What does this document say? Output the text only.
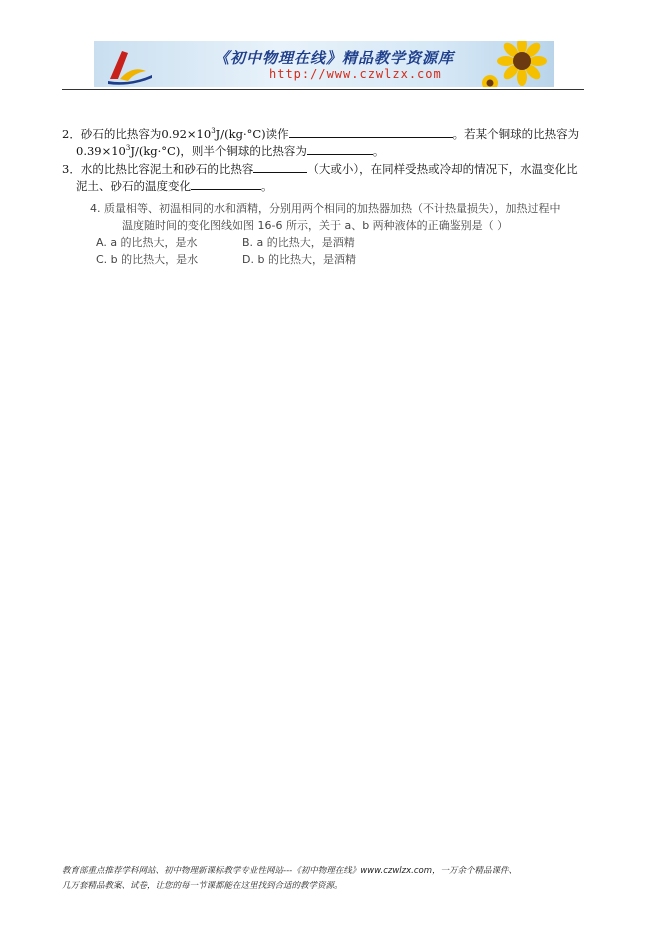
《初中物理在线》精品教学资源库
http://www.czwlzx.com
2．砂石的比热容为$0.92\times 10^3J/(kg\cdot^\circ C)$读作	。若某个铜球的比热容为
$0.39\times 10^3J/(kg\cdot^\circ C)$，则半个铜球的比热容为	。
3．水的比热比容泥土和砂石的比热容	（大或小），在同样受热或冷却的情况下，水温变化比
泥土、砂石的温度变化	。
4. 质量相等、初温相同的水和酒精，分别用两个相同的加热器加热（不计热量损失），加热过程中
温度随时间的变化图线如图 16-6 所示，关于 a、b 两种液体的正确鉴别是（ ）
A. a 的比热大，是水	B. a 的比热大，是酒精
C. b 的比热大，是水	D. b 的比热大，是酒精
教育部重点推荐学科网站、初中物理新课标教学专业性网站---《初中物理在线》www.czwlzx.com，一万余个精品课件、
几万套精品教案、试卷，让您的每一节课都能在这里找到合适的教学资源。
